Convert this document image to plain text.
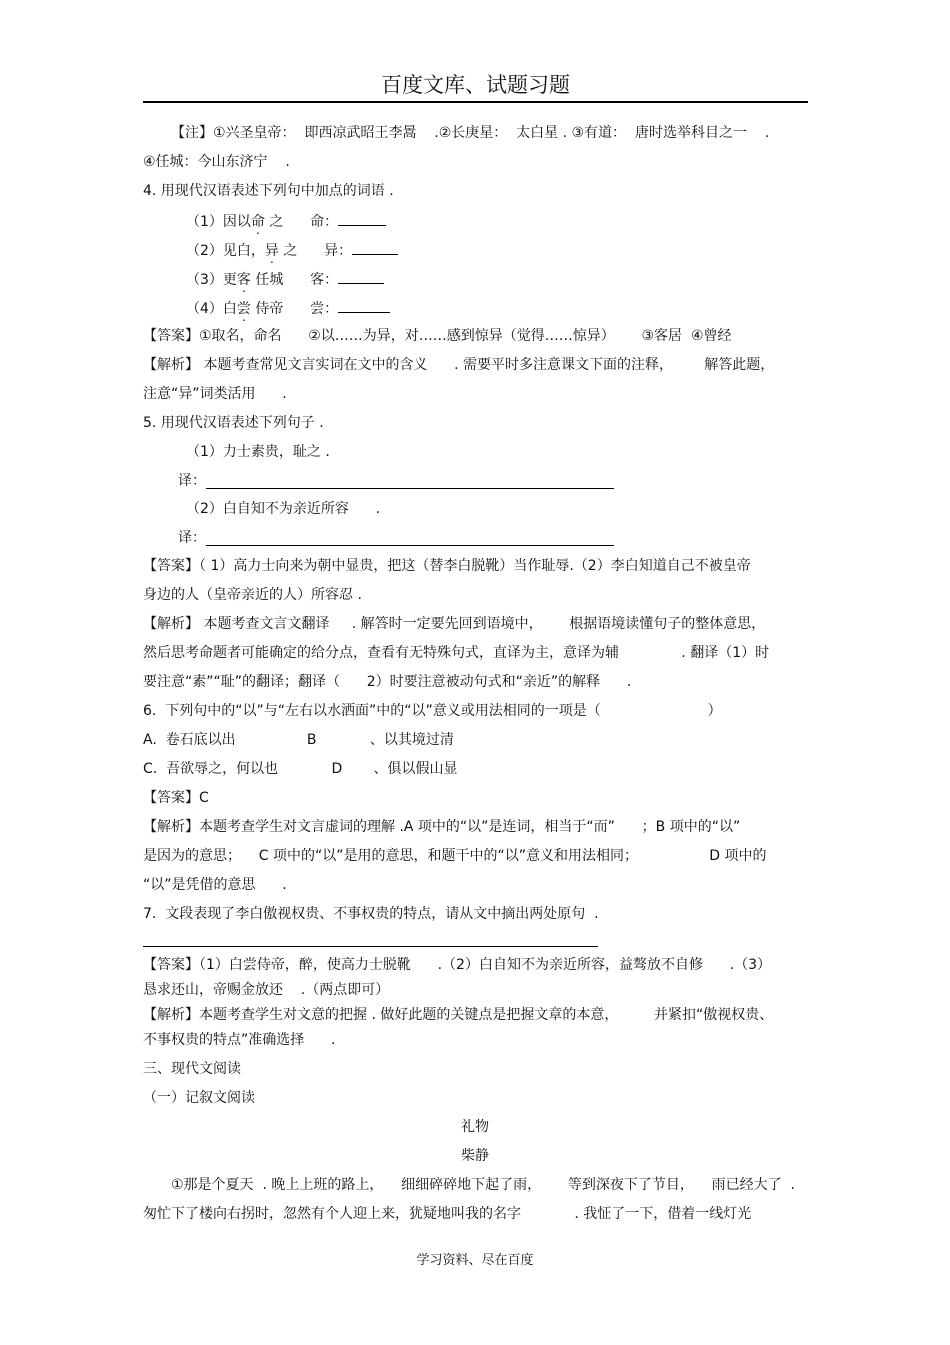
百度文库、试题习题
【注】①兴圣皇帝：  即西凉武昭王李暠    .②长庚星：  太白星 . ③有道：  唐时选举科目之一    .
④任城：今山东济宁    .
4. 用现代汉语表述下列句中加点的词语 .
（1）因以命 之      命：
（2）见白，异 之      异：
（3）更客 任城      客：
（4）白尝 侍帝      尝：
【答案】①取名，命名      ②以……为异，对……感到惊异（觉得……惊异）      ③客居  ④曾经
【解析】 本题考查常见文言实词在文中的含义      . 需要平时多注意课文下面的注释，       解答此题，
注意“异”词类活用      .
5. 用现代汉语表述下列句子 .
（1）力士素贵，耻之 .
译：
（2）白自知不为亲近所容      .
译：
【答案】（ 1）高力士向来为朝中显贵，把这（替李白脱靴）当作耻辱.（2）李白知道自己不被皇帝
身边的人（皇帝亲近的人）所容忍 .
【解析】 本题考查文言文翻译     . 解答时一定要先回到语境中，      根据语境读懂句子的整体意思，
然后思考命题者可能确定的给分点，查看有无特殊句式，直译为主，意译为辅              . 翻译（1）时
要注意“素”“耻”的翻译；翻译（      2）时要注意被动句式和“亲近”的解释      .
6.  下列句中的“以”与“左右以水洒面”中的“以”意义或用法相同的一项是（                        ）
A.  卷石底以出                B            、以其境过清
C.  吾欲辱之，何以也            D       、俱以假山显
【答案】C
【解析】本题考查学生对文言虚词的理解 .A 项中的“以”是连词，相当于“而”      ；B 项中的“以”
是因为的意思；    C 项中的“以”是用的意思，和题干中的“以”意义和用法相同；                D 项中的
“以”是凭借的意思      .
7.  文段表现了李白傲视权贵、不事权贵的特点，请从文中摘出两处原句  .
【答案】（1）白尝侍帝，醉，使高力士脱靴      .（2）白自知不为亲近所容，益骜放不自修      .（3）
恳求还山，帝赐金放还    .（两点即可）
【解析】本题考查学生对文意的把握 . 做好此题的关键点是把握文章的本意，        并紧扣“傲视权贵、
不事权贵的特点”准确选择      .
三、现代文阅读
（一）记叙文阅读
礼物
柴静
①那是个夏天  . 晚上上班的路上，    细细碎碎地下起了雨，      等到深夜下了节目，    雨已经大了  .
匆忙下了楼向右拐时，忽然有个人迎上来，犹疑地叫我的名字            . 我怔了一下，借着一线灯光
学习资料、尽在百度
